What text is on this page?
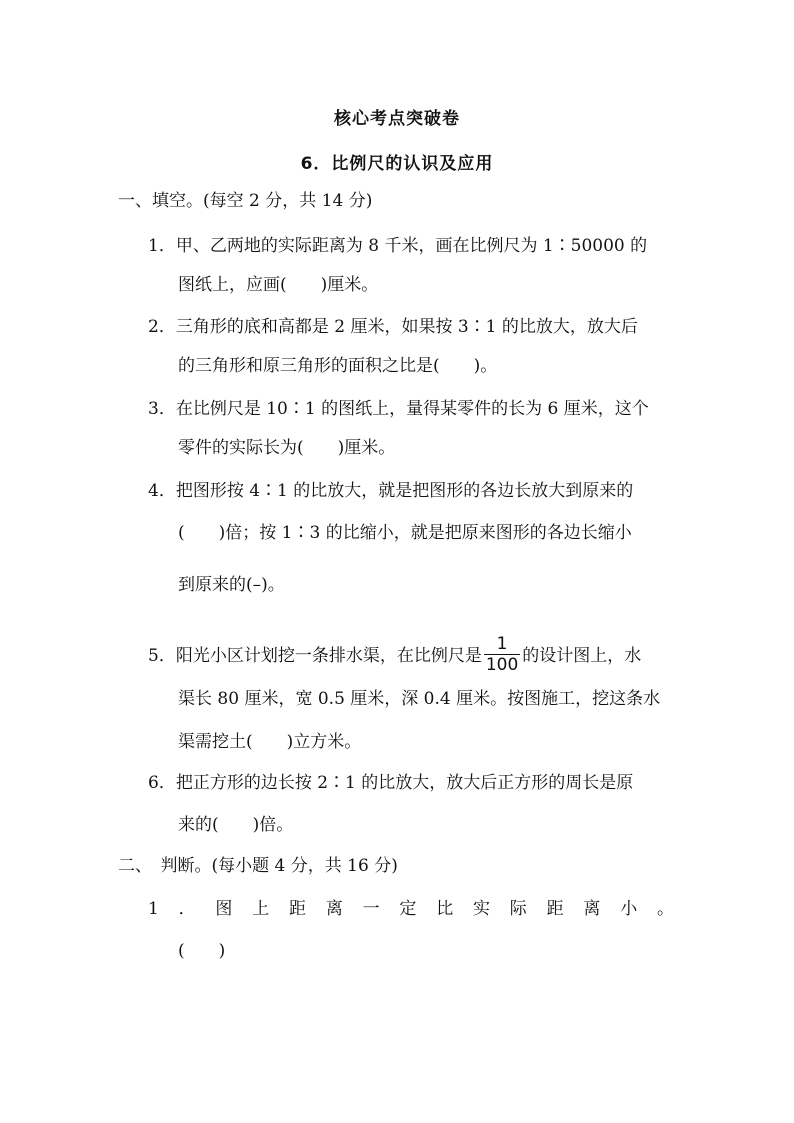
核心考点突破卷
6．比例尺的认识及应用
一、填空。(每空 2 分，共 14 分)
1．甲、乙两地的实际距离为 8 千米，画在比例尺为 1∶50000 的
图纸上，应画(　　)厘米。
2．三角形的底和高都是 2 厘米，如果按 3∶1 的比放大，放大后
的三角形和原三角形的面积之比是(　　)。
3．在比例尺是 10∶1 的图纸上，量得某零件的长为 6 厘米，这个
零件的实际长为(　　)厘米。
4．把图形按 4∶1 的比放大，就是把图形的各边长放大到原来的
(　　)倍；按 1∶3 的比缩小，就是把原来图形的各边长缩小
到原来的(–)。
5．阳光小区计划挖一条排水渠，在比例尺是 $\frac{1}{100}$ 的设计图上，水
渠长 80 厘米，宽 0.5 厘米，深 0.4 厘米。按图施工，挖这条水
渠需挖土(　　)立方米。
6．把正方形的边长按 2∶1 的比放大，放大后正方形的周长是原
来的(　　)倍。
二、　判断。(每小题 4 分，共 16 分)
1 ． 图 上 距 离 一 定 比 实 际 距 离 小 。
(　　)
